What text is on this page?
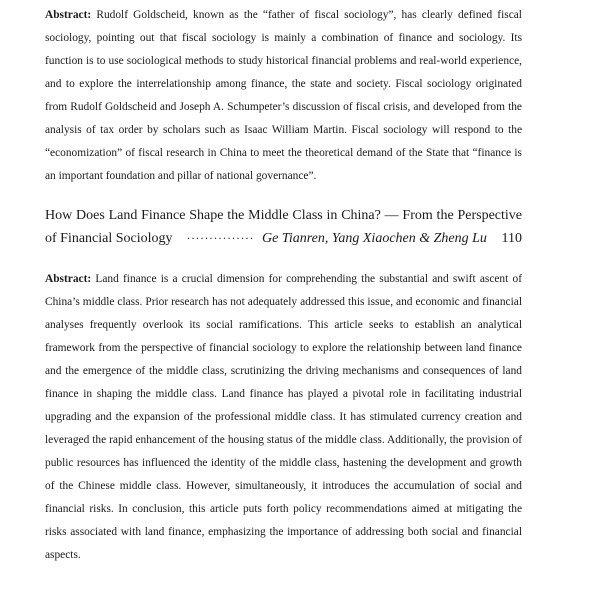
Abstract: Rudolf Goldscheid, known as the “father of fiscal sociology”, has clearly defined fiscal sociology, pointing out that fiscal sociology is mainly a combination of finance and sociology. Its function is to use sociological methods to study historical financial problems and real-world experience, and to explore the interrelationship among finance, the state and society. Fiscal sociology originated from Rudolf Goldscheid and Joseph A. Schumpeter’s discussion of fiscal crisis, and developed from the analysis of tax order by scholars such as Isaac William Martin. Fiscal sociology will respond to the “economization” of fiscal research in China to meet the theoretical demand of the State that “finance is an important foundation and pillar of national governance”.

How Does Land Finance Shape the Middle Class in China? — From the Perspective
of Financial Sociology ··············· Ge Tianren, Yang Xiaochen & Zheng Lu 110

Abstract: Land finance is a crucial dimension for comprehending the substantial and swift ascent of China’s middle class. Prior research has not adequately addressed this issue, and economic and financial analyses frequently overlook its social ramifications. This article seeks to establish an analytical framework from the perspective of financial sociology to explore the relationship between land finance and the emergence of the middle class, scrutinizing the driving mechanisms and consequences of land finance in shaping the middle class. Land finance has played a pivotal role in facilitating industrial upgrading and the expansion of the professional middle class. It has stimulated currency creation and leveraged the rapid enhancement of the housing status of the middle class. Additionally, the provision of public resources has influenced the identity of the middle class, hastening the development and growth of the Chinese middle class. However, simultaneously, it introduces the accumulation of social and financial risks. In conclusion, this article puts forth policy recommendations aimed at mitigating the risks associated with land finance, emphasizing the importance of addressing both social and financial aspects.
